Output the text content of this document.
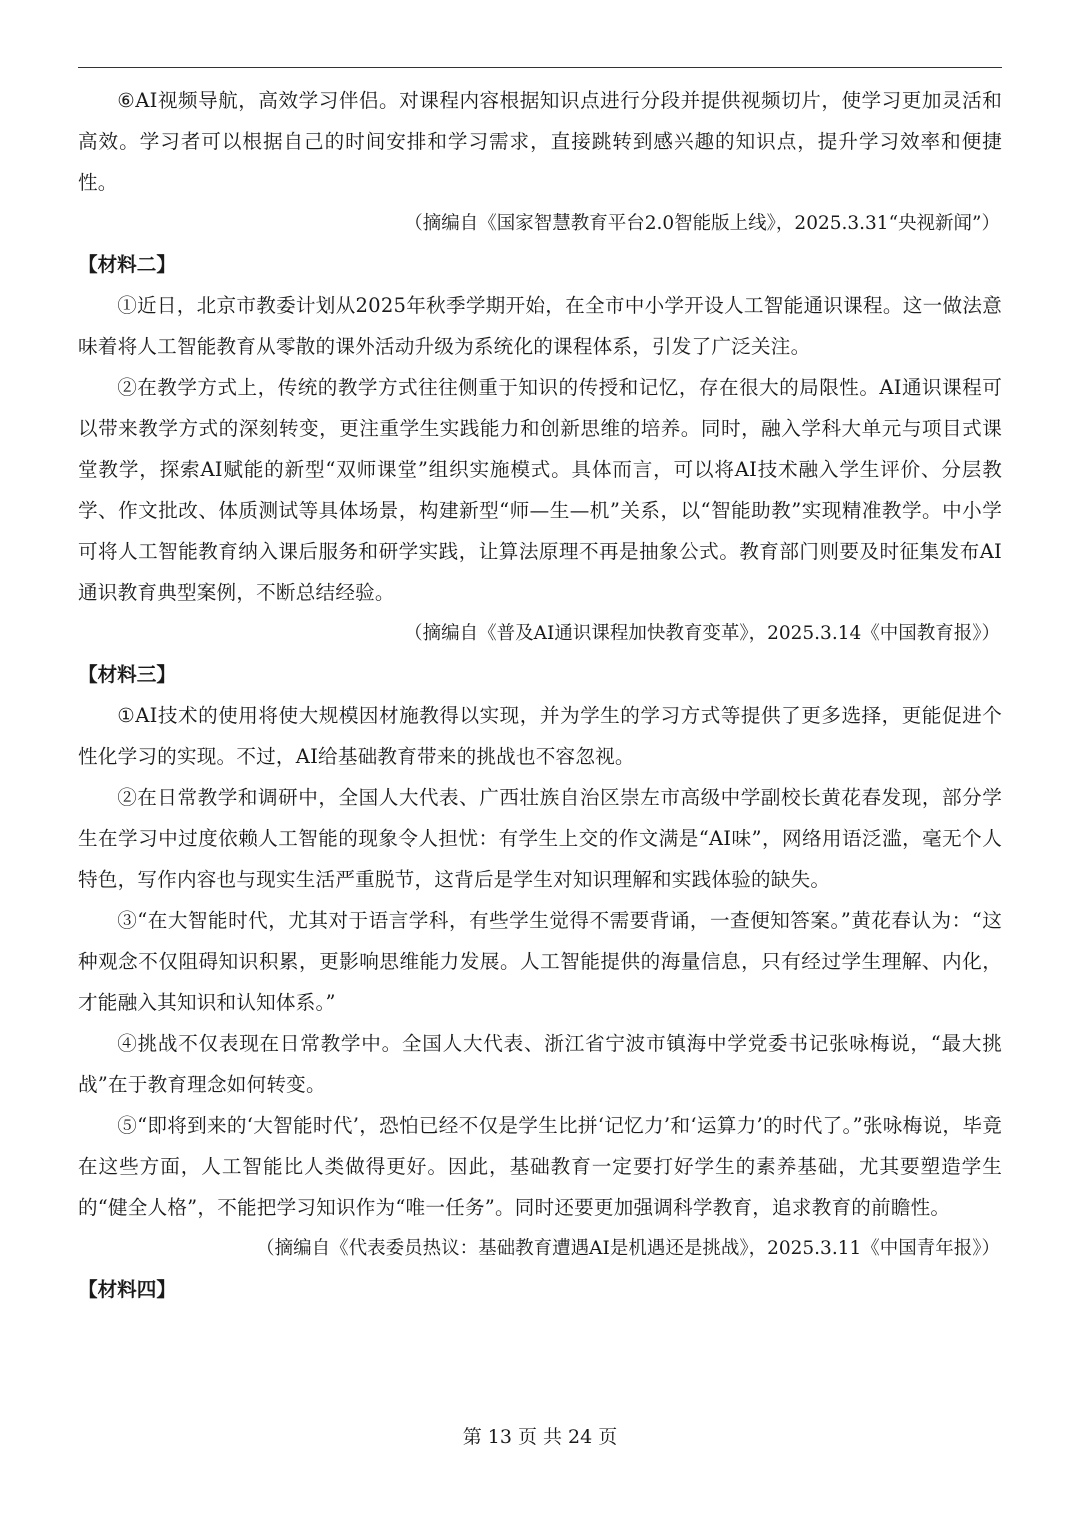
⑥AI视频导航，高效学习伴侣。对课程内容根据知识点进行分段并提供视频切片，使学习更加灵活和高效。学习者可以根据自己的时间安排和学习需求，直接跳转到感兴趣的知识点，提升学习效率和便捷性。

（摘编自《国家智慧教育平台2.0智能版上线》，2025.3.31“央视新闻”）

【材料二】

①近日，北京市教委计划从2025年秋季学期开始，在全市中小学开设人工智能通识课程。这一做法意味着将人工智能教育从零散的课外活动升级为系统化的课程体系，引发了广泛关注。

②在教学方式上，传统的教学方式往往侧重于知识的传授和记忆，存在很大的局限性。AI通识课程可以带来教学方式的深刻转变，更注重学生实践能力和创新思维的培养。同时，融入学科大单元与项目式课堂教学，探索AI赋能的新型“双师课堂”组织实施模式。具体而言，可以将AI技术融入学生评价、分层教学、作文批改、体质测试等具体场景，构建新型“师—生—机”关系，以“智能助教”实现精准教学。中小学可将人工智能教育纳入课后服务和研学实践，让算法原理不再是抽象公式。教育部门则要及时征集发布AI通识教育典型案例，不断总结经验。

（摘编自《普及AI通识课程加快教育变革》，2025.3.14《中国教育报》）

【材料三】

①AI技术的使用将使大规模因材施教得以实现，并为学生的学习方式等提供了更多选择，更能促进个性化学习的实现。不过，AI给基础教育带来的挑战也不容忽视。

②在日常教学和调研中，全国人大代表、广西壮族自治区崇左市高级中学副校长黄花春发现，部分学生在学习中过度依赖人工智能的现象令人担忧：有学生上交的作文满是“AI味”，网络用语泛滥，毫无个人特色，写作内容也与现实生活严重脱节，这背后是学生对知识理解和实践体验的缺失。

③“在大智能时代，尤其对于语言学科，有些学生觉得不需要背诵，一查便知答案。”黄花春认为：“这种观念不仅阻碍知识积累，更影响思维能力发展。人工智能提供的海量信息，只有经过学生理解、内化，才能融入其知识和认知体系。”

④挑战不仅表现在日常教学中。全国人大代表、浙江省宁波市镇海中学党委书记张咏梅说，“最大挑战”在于教育理念如何转变。

⑤“即将到来的‘大智能时代’，恐怕已经不仅是学生比拼‘记忆力’和‘运算力’的时代了。”张咏梅说，毕竟在这些方面，人工智能比人类做得更好。因此，基础教育一定要打好学生的素养基础，尤其要塑造学生的“健全人格”，不能把学习知识作为“唯一任务”。同时还要更加强调科学教育，追求教育的前瞻性。

（摘编自《代表委员热议：基础教育遭遇AI是机遇还是挑战》，2025.3.11《中国青年报》）

【材料四】

第 13 页 共 24 页
